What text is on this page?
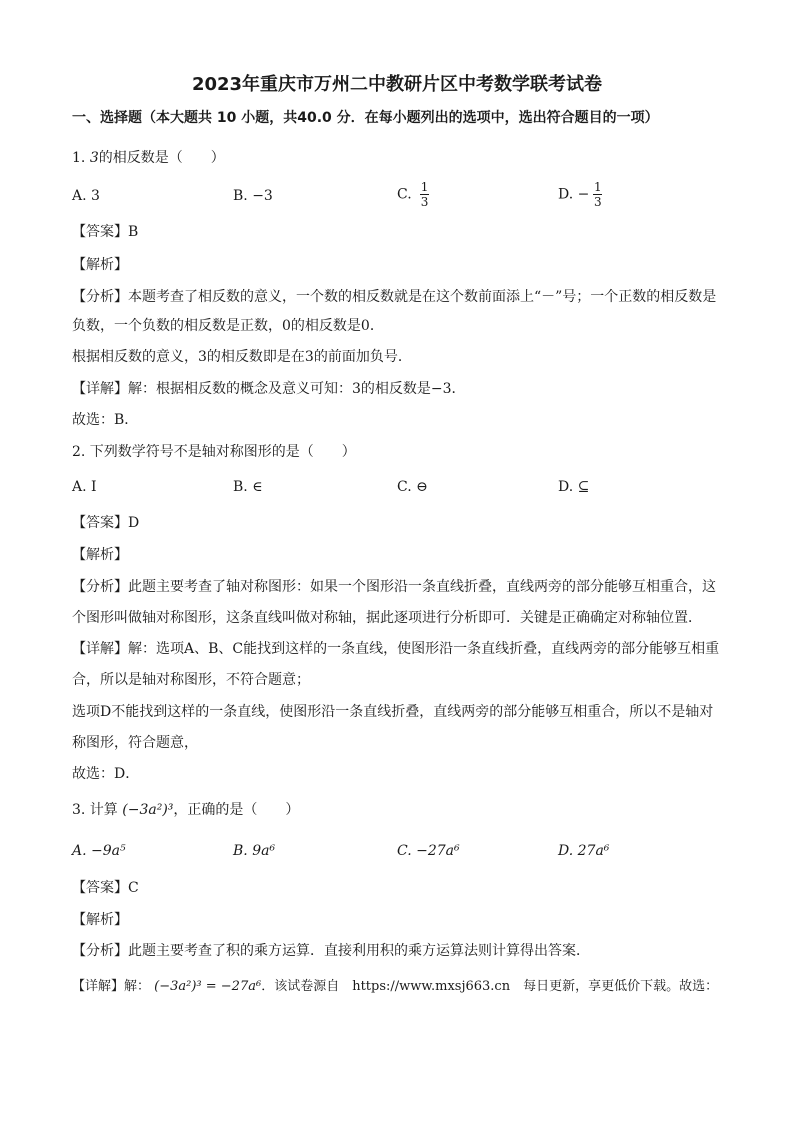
2023年重庆市万州二中教研片区中考数学联考试卷
一、选择题（本大题共 10 小题，共40.0 分．在每小题列出的选项中，选出符合题目的一项）
1. 3的相反数是（　　）
A. 3	B. −3	C. $\frac{1}{3}$	D. − $\frac{1}{3}$
【答案】B
【解析】
【分析】本题考查了相反数的意义，一个数的相反数就是在这个数前面添上“－”号；一个正数的相反数是
负数，一个负数的相反数是正数，0的相反数是0．
根据相反数的意义，3的相反数即是在3的前面加负号．
【详解】解：根据相反数的概念及意义可知：3的相反数是−3．
故选：B．
2. 下列数学符号不是轴对称图形的是（　　）
A. I	B. ∈	C. ⊖	D. ⊆
【答案】D
【解析】
【分析】此题主要考查了轴对称图形：如果一个图形沿一条直线折叠，直线两旁的部分能够互相重合，这
个图形叫做轴对称图形，这条直线叫做对称轴，据此逐项进行分析即可．关键是正确确定对称轴位置．
【详解】解：选项A、B、C能找到这样的一条直线，使图形沿一条直线折叠，直线两旁的部分能够互相重
合，所以是轴对称图形，不符合题意；
选项D不能找到这样的一条直线，使图形沿一条直线折叠，直线两旁的部分能够互相重合，所以不是轴对
称图形，符合题意，
故选：D．
3. 计算 (−3a²)³，正确的是（　　）
A. −9a⁵	B. 9a⁶	C. −27a⁶	D. 27a⁶
【答案】C
【解析】
【分析】此题主要考查了积的乘方运算．直接利用积的乘方运算法则计算得出答案．
【详解】解： (−3a²)³ = −27a⁶．该试卷源自　https://www.mxsj663.cn　每日更新，享更低价下载。故选：
